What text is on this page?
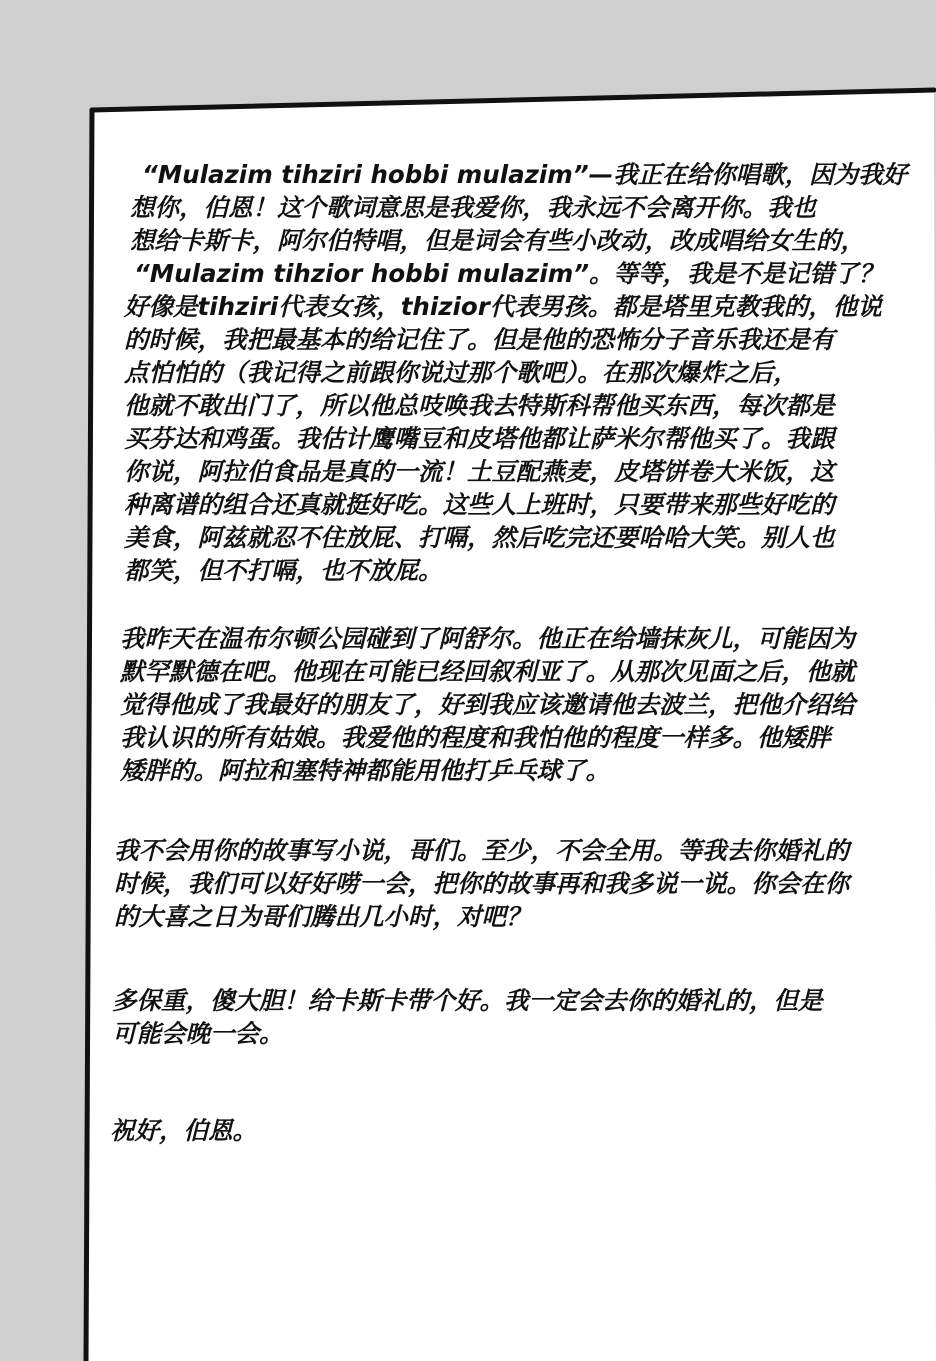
“Mulazim tihziri hobbi mulazim”—我正在给你唱歌，因为我好
想你，伯恩！这个歌词意思是我爱你，我永远不会离开你。我也
想给卡斯卡，阿尔伯特唱，但是词会有些小改动，改成唱给女生的，
“Mulazim tihzior hobbi mulazim”。等等，我是不是记错了？
好像是tihziri代表女孩，thizior代表男孩。都是塔里克教我的，他说
的时候，我把最基本的给记住了。但是他的恐怖分子音乐我还是有
点怕怕的（我记得之前跟你说过那个歌吧）。在那次爆炸之后，
他就不敢出门了，所以他总吱唤我去特斯科帮他买东西，每次都是
买芬达和鸡蛋。我估计鹰嘴豆和皮塔他都让萨米尔帮他买了。我跟
你说，阿拉伯食品是真的一流！土豆配燕麦，皮塔饼卷大米饭，这
种离谱的组合还真就挺好吃。这些人上班时，只要带来那些好吃的
美食，阿兹就忍不住放屁、打嗝，然后吃完还要哈哈大笑。别人也
都笑，但不打嗝，也不放屁。
我昨天在温布尔顿公园碰到了阿舒尔。他正在给墙抹灰儿，可能因为
默罕默德在吧。他现在可能已经回叙利亚了。从那次见面之后，他就
觉得他成了我最好的朋友了，好到我应该邀请他去波兰，把他介绍给
我认识的所有姑娘。我爱他的程度和我怕他的程度一样多。他矮胖
矮胖的。阿拉和塞特神都能用他打乒乓球了。
我不会用你的故事写小说，哥们。至少，不会全用。等我去你婚礼的
时候，我们可以好好唠一会，把你的故事再和我多说一说。你会在你
的大喜之日为哥们腾出几小时，对吧？
多保重，傻大胆！给卡斯卡带个好。我一定会去你的婚礼的，但是
可能会晚一会。
祝好，伯恩。
